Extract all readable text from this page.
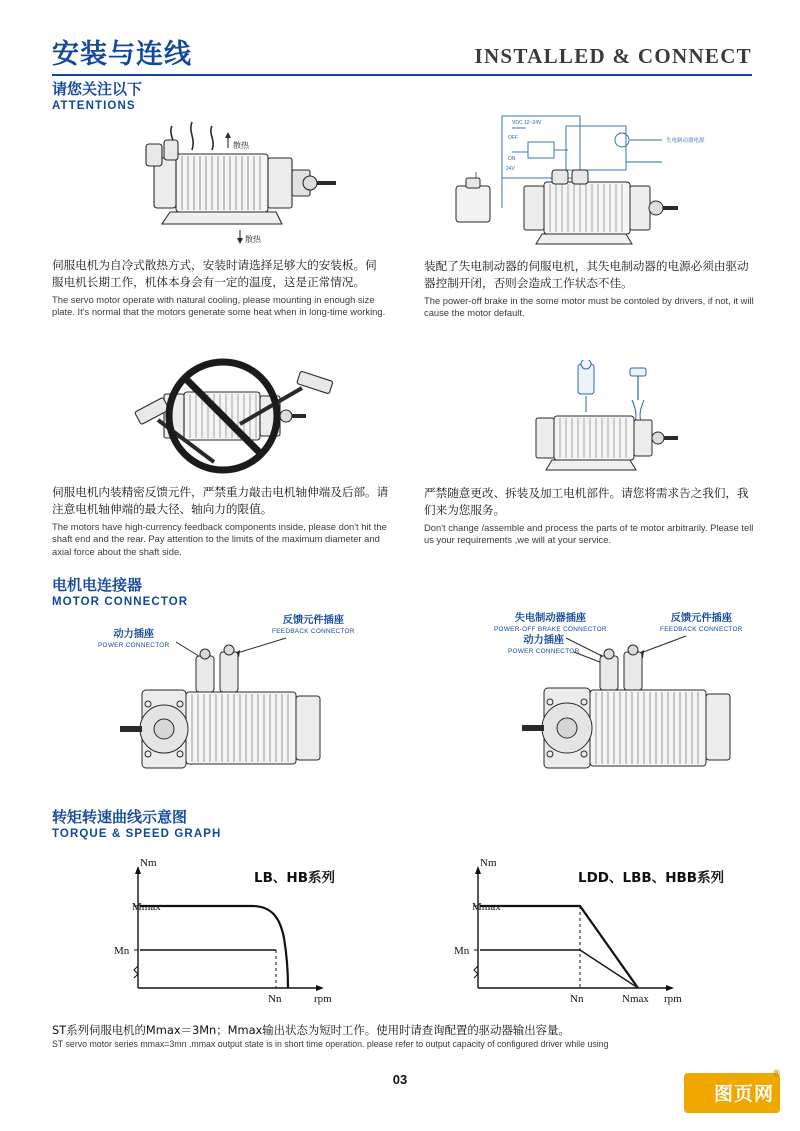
安装与连线	INSTALLED & CONNECT
请您关注以下
ATTENTIONS
散热
散热

伺服电机为自冷式散热方式，安装时请选择足够大的安装板。伺服电机长期工作，机体本身会有一定的温度，这是正常情况。

The servo motor operate with natural cooling, please mounting in enough size plate. It's normal that the motors generate some heat when in long-time working.

VDC 12~24V
OFF
ON
24V
失电制动器电源

装配了失电制动器的伺服电机，其失电制动器的电源必须由驱动器控制开闭，否则会造成工作状态不佳。

The power-off brake in the some motor must be contoled by drivers, if not, it will cause the motor default.

伺服电机内装精密反馈元件，严禁重力敲击电机轴伸端及后部。请注意电机轴伸端的最大径、轴向力的限值。

The motors have high-currency feedback components inside, please don't hit the shaft end and the rear. Pay attention to the limits of the maximum diameter and axial force about the shaft side.

严禁随意更改、拆装及加工电机部件。请您将需求告之我们，我们来为您服务。

Don't change /assemble and process the parts of te motor arbitrarily. Please tell us your requirements ,we will at your service.

电机电连接器
MOTOR CONNECTOR
动力插座
POWER CONNECTOR
反馈元件插座
FEEDBACK CONNECTOR
失电制动器插座
POWER-OFF BRAKE CONNECTOR
动力插座
POWER CONNECTOR
反馈元件插座
FEEDBACK CONNECTOR
转矩转速曲线示意图
TORQUE & SPEED GRAPH
LB、HB系列
Nm
Mmax
Mn
Nn	rpm
LDD、LBB、HBB系列
Nm
Mmax
Mn
Nn	Nmax rpm
ST系列伺服电机的Mmax＝3Mn；Mmax输出状态为短时工作。使用时请查询配置的驱动器输出容量。
ST servo motor series mmax=3mn .mmax output state is in short time operation. please refer to output capacity of configured driver while using
03
图页网
®
